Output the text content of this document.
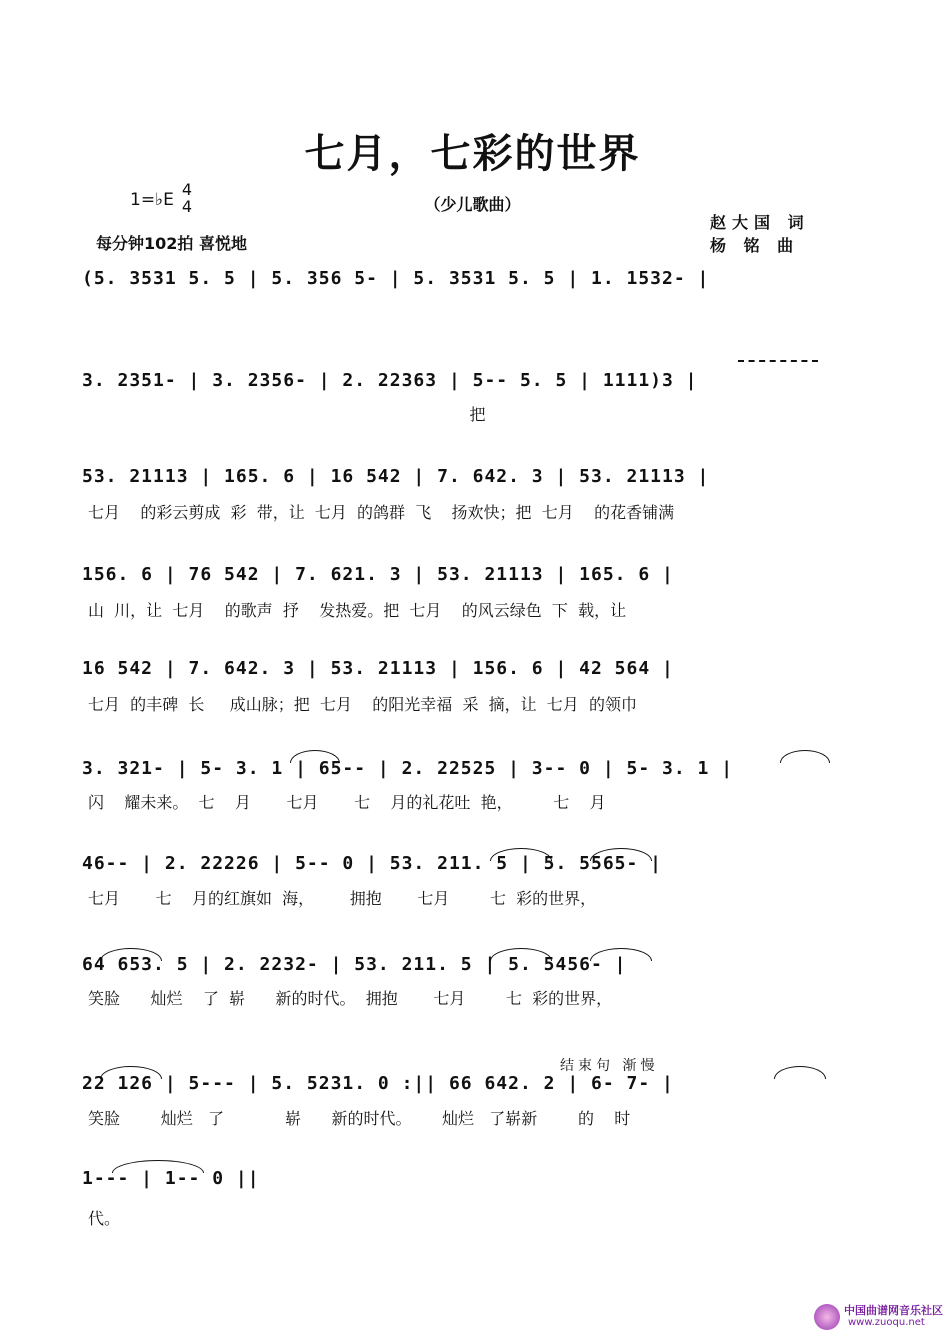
七月，七彩的世界
1=♭E
4
4	（少儿歌曲）
赵大国 词
杨 铭 曲
每分钟102拍 喜悦地
(5. 3531 5. 5 | 5. 356 5- | 5. 3531 5. 5 | 1. 1532- |
3. 2351- | 3. 2356- | 2. 22363 | 5-- 5. 5 | 1111)3 |
把
53. 21113 | 165. 6 | 16 542 | 7. 642. 3 | 53. 21113 |
七月    的彩云剪成  彩  带，让  七月  的鸽群  飞    扬欢快；把  七月    的花香铺满
156. 6 | 76 542 | 7. 621. 3 | 53. 21113 | 165. 6 |
山  川，让  七月    的歌声  抒    发热爱。把  七月    的风云绿色  下  载，让
16 542 | 7. 642. 3 | 53. 21113 | 156. 6 | 42 564 |
七月  的丰碑  长     成山脉；把  七月    的阳光幸福  采  摘，让  七月  的领巾
3. 321- | 5- 3. 1 | 65-- | 2. 22525 | 3-- 0 | 5- 3. 1 |
闪    耀未来。  七    月       七月       七    月的礼花吐  艳，        七    月
46-- | 2. 22226 | 5-- 0 | 53. 211. 5 | 5. 5565- |
七月       七    月的红旗如  海，       拥抱       七月        七  彩的世界，
64 653. 5 | 2. 2232- | 53. 211. 5 | 5. 5456- |
笑脸      灿烂    了  崭      新的时代。  拥抱       七月        七  彩的世界，
结束句 渐慢
22 126 | 5--- | 5. 5231. 0 :|| 66 642. 2 | 6- 7- |
笑脸        灿烂   了            崭      新的时代。      灿烂   了崭新        的    时
1--- | 1-- 0 ||
代。
中国曲谱网音乐社区
www.zuoqu.net
